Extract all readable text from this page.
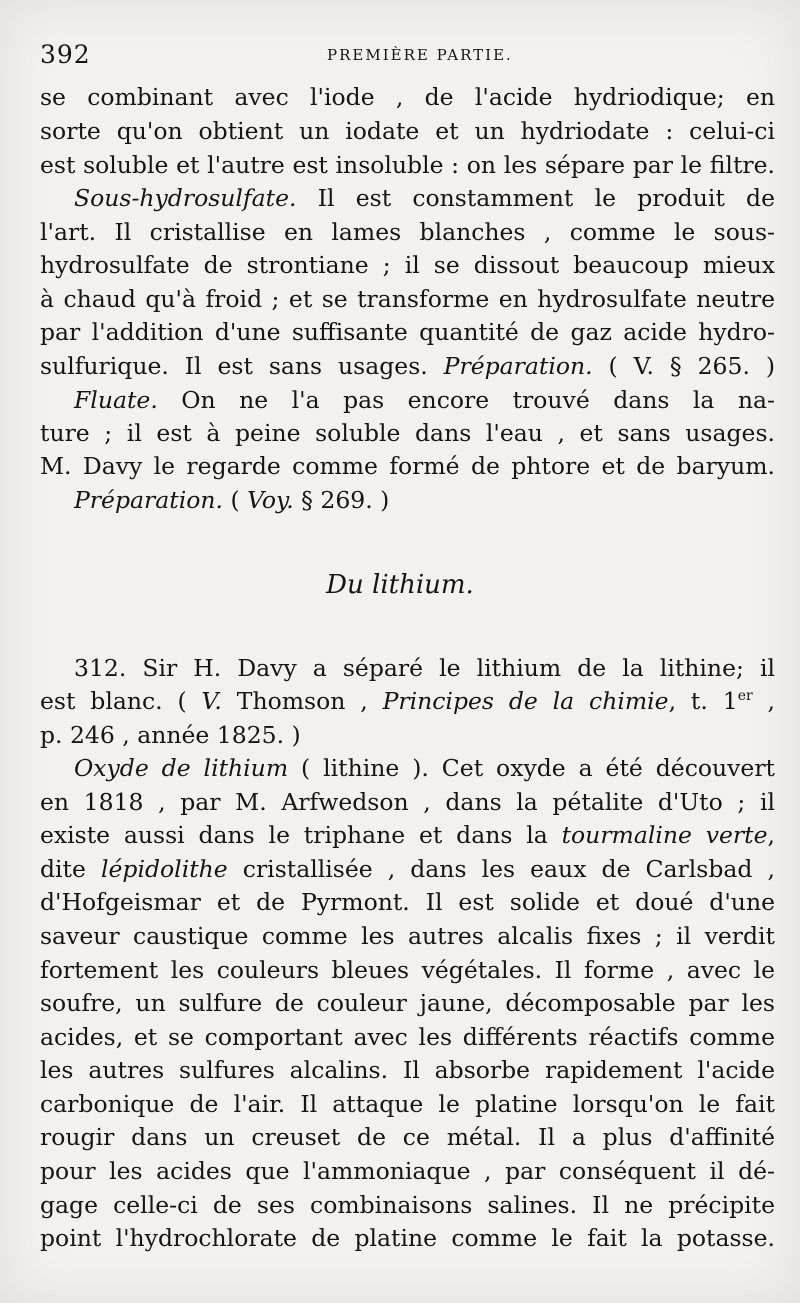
392	PREMIÈRE PARTIE.
se combinant avec l'iode , de l'acide hydriodique; en
sorte qu'on obtient un iodate et un hydriodate : celui-ci
est soluble et l'autre est insoluble : on les sépare par le filtre.
Sous-hydrosulfate. Il est constamment le produit de
l'art. Il cristallise en lames blanches , comme le sous-
hydrosulfate de strontiane ; il se dissout beaucoup mieux
à chaud qu'à froid ; et se transforme en hydrosulfate neutre
par l'addition d'une suffisante quantité de gaz acide hydro-
sulfurique. Il est sans usages. Préparation. ( V. § 265. )
Fluate. On ne l'a pas encore trouvé dans la na-
ture ; il est à peine soluble dans l'eau , et sans usages.
M. Davy le regarde comme formé de phtore et de baryum.
Préparation. ( Voy. § 269. )
Du lithium.
312. Sir H. Davy a séparé le lithium de la lithine; il
est blanc. ( V. Thomson , Principes de la chimie, t. 1er ,
p. 246 , année 1825. )
Oxyde de lithium ( lithine ). Cet oxyde a été découvert
en 1818 , par M. Arfwedson , dans la pétalite d'Uto ; il
existe aussi dans le triphane et dans la tourmaline verte,
dite lépidolithe cristallisée , dans les eaux de Carlsbad ,
d'Hofgeismar et de Pyrmont. Il est solide et doué d'une
saveur caustique comme les autres alcalis fixes ; il verdit
fortement les couleurs bleues végétales. Il forme , avec le
soufre, un sulfure de couleur jaune, décomposable par les
acides, et se comportant avec les différents réactifs comme
les autres sulfures alcalins. Il absorbe rapidement l'acide
carbonique de l'air. Il attaque le platine lorsqu'on le fait
rougir dans un creuset de ce métal. Il a plus d'affinité
pour les acides que l'ammoniaque , par conséquent il dé-
gage celle-ci de ses combinaisons salines. Il ne précipite
point l'hydrochlorate de platine comme le fait la potasse.
